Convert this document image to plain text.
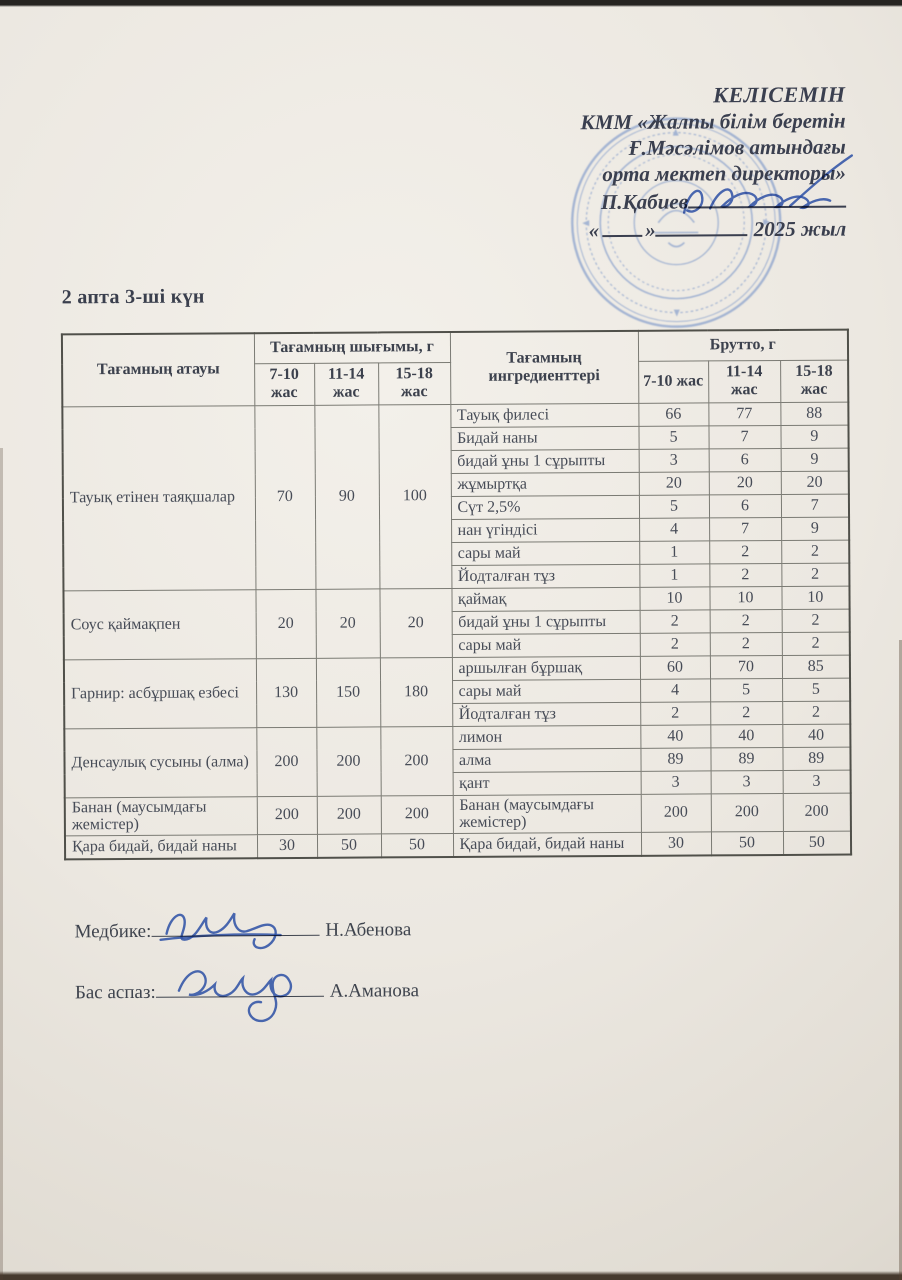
КЕЛІСЕМІН
КММ «Жалпы білім беретін
Ғ.Мәсәлімов атындағы
орта мектеп директоры»
П.Қабиев
« »	2025 жыл
2 апта 3-ші күн
Тағамның атауы	Тағамның шығымы, г			Тағамның ингредиенттері	Брутто, г		
	7-10 жас	11-14 жас	15-18 жас		7-10 жас	11-14 жас	15-18 жас
Тауық етінен таяқшалар	70	90	100	Тауық филесі	66	77	88
				Бидай наны	5	7	9
				бидай ұны 1 сұрыпты	3	6	9
				жұмыртқа	20	20	20
				Сүт 2,5%	5	6	7
				нан үгіндісі	4	7	9
				сары май	1	2	2
				Йодталған тұз	1	2	2
Соус қаймақпен	20	20	20	қаймақ	10	10	10
				бидай ұны 1 сұрыпты	2	2	2
				сары май	2	2	2
Гарнир: асбұршақ езбесі	130	150	180	аршылған бұршақ	60	70	85
				сары май	4	5	5
				Йодталған тұз	2	2	2
Денсаулық сусыны (алма)	200	200	200	лимон	40	40	40
				алма	89	89	89
				қант	3	3	3
Банан (маусымдағы жемістер)	200	200	200	Банан (маусымдағы жемістер)	200	200	200
Қара бидай, бидай наны	30	50	50	Қара бидай, бидай наны	30	50	50
Медбике:	Н.Абенова
Бас аспаз:	А.Аманова
